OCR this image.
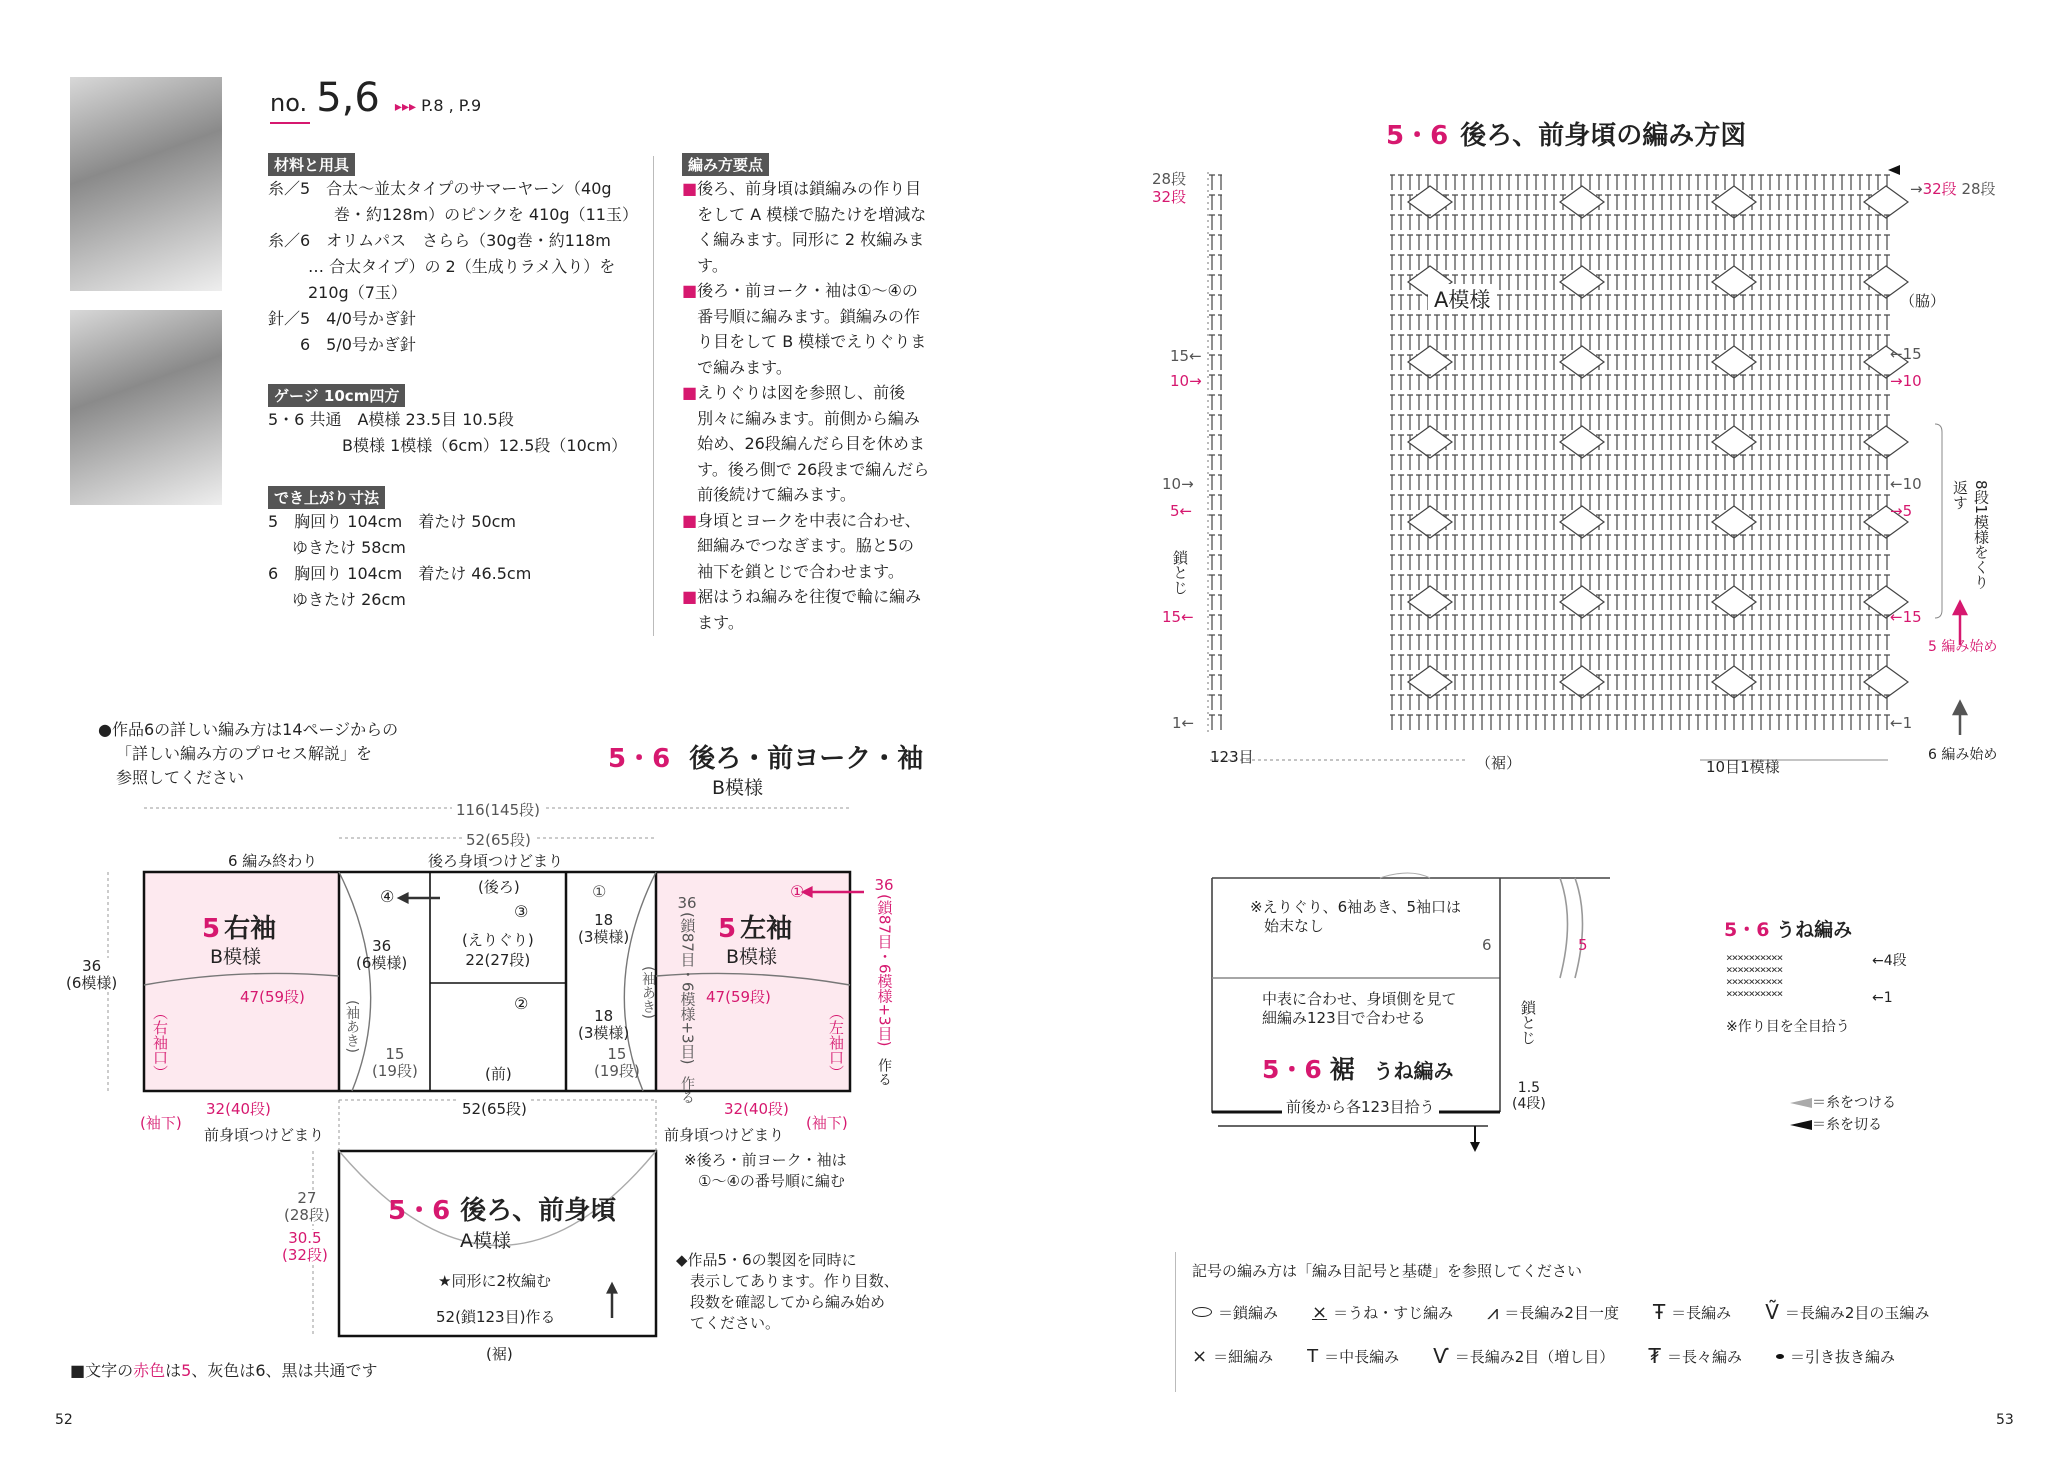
no. 5,6 ▸▸▸ P.8 , P.9
材料と用具
糸／5　合太～並太タイプのサマーヤーン（40g
巻・約128m）のピンクを 410g（11玉）
糸／6　オリムパス　さらら（30g巻・約118m
… 合太タイプ）の 2（生成りラメ入り）を
210g（7玉）
針／5　4/0号かぎ針
　　6　5/0号かぎ針
ゲージ 10cm四方
5・6 共通　A模様 23.5目 10.5段
B模様 1模様（6cm）12.5段（10cm）
でき上がり寸法
5　胸回り 104cm　着たけ 50cm
ゆきたけ 58cm
6　胸回り 104cm　着たけ 46.5cm
ゆきたけ 26cm
編み方要点
■ 後ろ、前身頃は鎖編みの作り目をして A 模様で脇たけを増減なく編みます。同形に 2 枚編みます。
■ 後ろ・前ヨーク・袖は①～④の番号順に編みます。鎖編みの作り目をして B 模様でえりぐりまで編みます。
■ えりぐりは図を参照し、前後別々に編みます。前側から編み始め、26段編んだら目を休めます。後ろ側で 26段まで編んだら前後続けて編みます。
■ 身頃とヨークを中表に合わせ、細編みでつなぎます。脇と5の袖下を鎖とじで合わせます。
■ 裾はうね編みを往復で輪に編みます。
●作品6の詳しい編み方は14ページからの
「詳しい編み方のプロセス解説」を
参照してください
5・6 後ろ・前ヨーク・袖
B模様
116(145段)
52(65段)
6 編み終わり	後ろ身頃つけどまり
(後ろ)
④	①	①
③	18
(3模様)
(えりぐり)
22(27段)
36
(6模様)
②
18
(3模様)
(袖あき)
(袖あき)
15
(19段)
15
(19段)
(前)
5 右袖
B模様
5 左袖
B模様
47(59段)	47(59段)
（右袖口）	（左袖口）
36
(6模様)
36
(鎖87目・6模様+3目)
作る
36
(鎖87目・6模様+3目)
作る
32(40段)	52(65段)	32(40段)
(袖下)	(袖下)
前身頃つけどまり	前身頃つけどまり
※後ろ・前ヨーク・袖は
①～④の番号順に編む
5・6 後ろ、前身頃
A模様
★同形に2枚編む
52(鎖123目)作る
(裾)
27
(28段)
30.5
(32段)	◆作品5・6の製図を同時に
表示してあります。作り目数、
段数を確認してから編み始め
てください。
■文字の赤色は5、灰色は6、黒は共通です
52
5・6 後ろ、前身頃の編み方図
28段
32段	→32段 28段
A模様	（脇）
15←
10→
10→
5←
15←
1←
←15
→10
←10
→5
←15
←1
鎖とじ	8段1模様をくり返す
5 編み始め
6 編み始め
123目	（裾）	10目1模様
※えりぐり、6袖あき、5袖口は
始末なし
6	5
中表に合わせ、身頃側を見て
細編み123目で合わせる	鎖とじ
5・6 裾 うね編み
前後から各123目拾う
1.5
(4段)
5・6 うね編み
××××××××××
××××××××××
××××××××××
××××××××××
←4段
←1
※作り目を全目拾う
＝糸をつける
＝糸を切る
記号の編み方は「編み目記号と基礎」を参照してください
＝鎖編み × ＝うね・すじ編み ⩘ ＝長編み2目一度 Ŧ ＝長編み Ṽ ＝長編み2目の玉編み
× ＝細編み T ＝中長編み Ѵ ＝長編み2目（増し目） ₮ ＝長々編み	＝引き抜き編み
53
